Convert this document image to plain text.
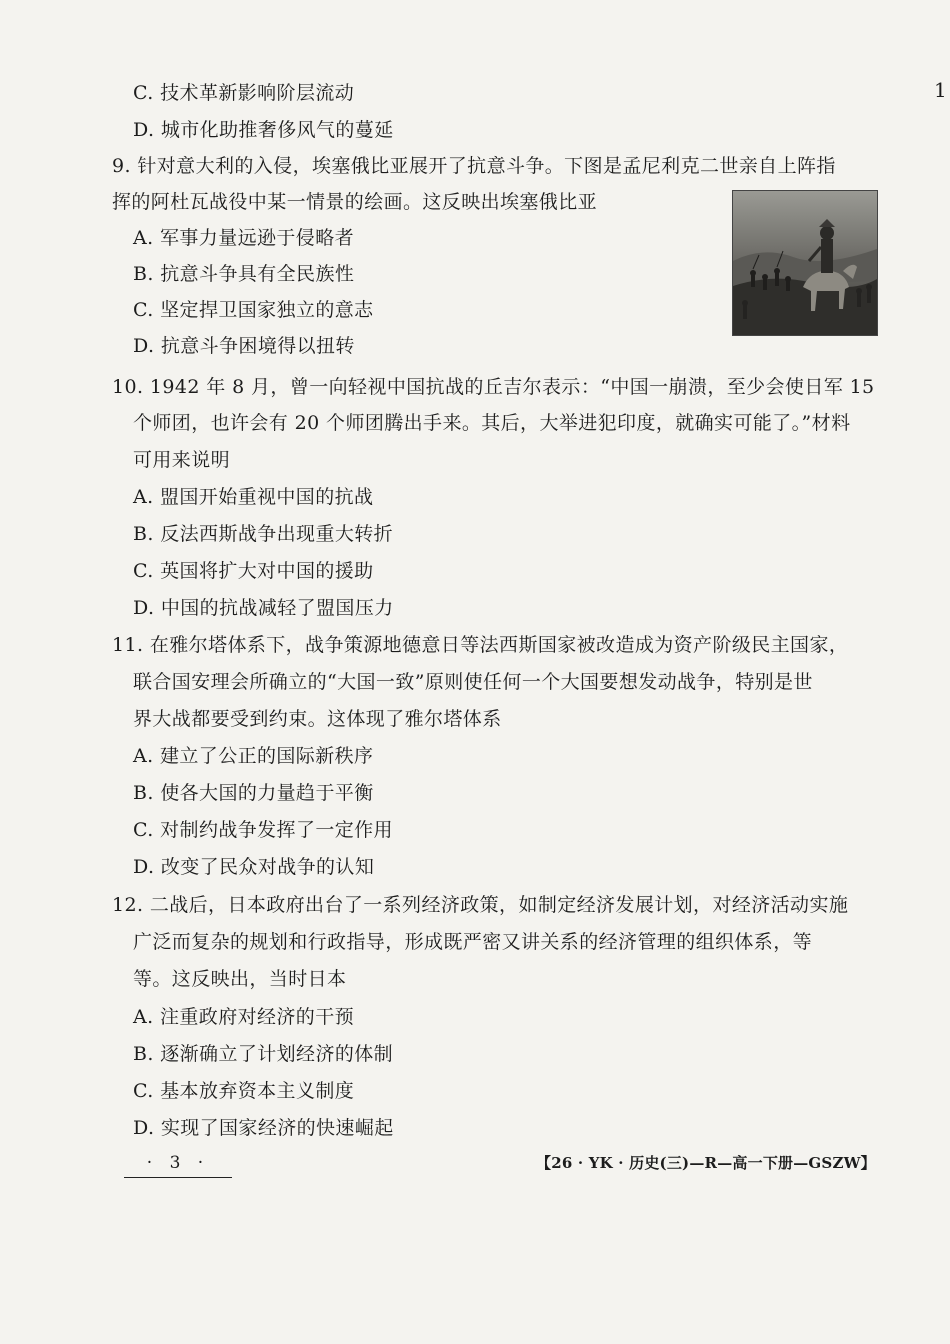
1
C. 技术革新影响阶层流动
D. 城市化助推奢侈风气的蔓延
9. 针对意大利的入侵，埃塞俄比亚展开了抗意斗争。下图是孟尼利克二世亲自上阵指
挥的阿杜瓦战役中某一情景的绘画。这反映出埃塞俄比亚
A. 军事力量远逊于侵略者
B. 抗意斗争具有全民族性
C. 坚定捍卫国家独立的意志
D. 抗意斗争困境得以扭转
10. 1942 年 8 月，曾一向轻视中国抗战的丘吉尔表示：“中国一崩溃，至少会使日军 15
个师团，也许会有 20 个师团腾出手来。其后，大举进犯印度，就确实可能了。”材料
可用来说明
A. 盟国开始重视中国的抗战
B. 反法西斯战争出现重大转折
C. 英国将扩大对中国的援助
D. 中国的抗战减轻了盟国压力
11. 在雅尔塔体系下，战争策源地德意日等法西斯国家被改造成为资产阶级民主国家，
联合国安理会所确立的“大国一致”原则使任何一个大国要想发动战争，特别是世
界大战都要受到约束。这体现了雅尔塔体系
A. 建立了公正的国际新秩序
B. 使各大国的力量趋于平衡
C. 对制约战争发挥了一定作用
D. 改变了民众对战争的认知
12. 二战后，日本政府出台了一系列经济政策，如制定经济发展计划，对经济活动实施
广泛而复杂的规划和行政指导，形成既严密又讲关系的经济管理的组织体系，等
等。这反映出，当时日本
A. 注重政府对经济的干预
B. 逐渐确立了计划经济的体制
C. 基本放弃资本主义制度
D. 实现了国家经济的快速崛起
· 3 ·	【26 · YK · 历史(三)—R—高一下册—GSZW】
